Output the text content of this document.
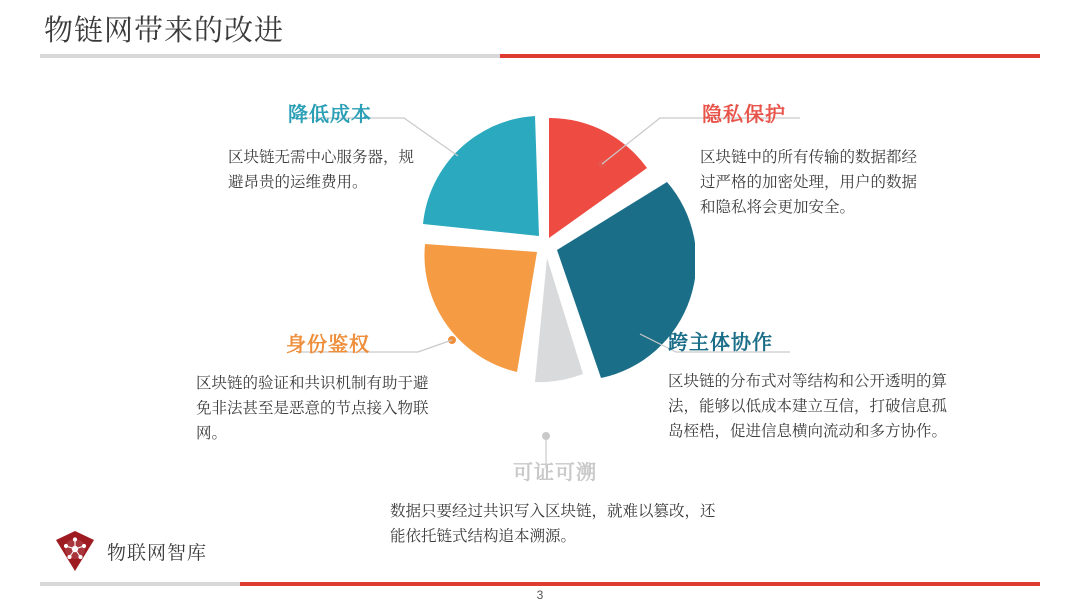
物链网带来的改进
隐私保护
区块链中的所有传输的数据都经过严格的加密处理，用户的数据和隐私将会更加安全。
降低成本
区块链无需中心服务器，规避昂贵的运维费用。
跨主体协作
区块链的分布式对等结构和公开透明的算法，能够以低成本建立互信，打破信息孤岛桎梏，促进信息横向流动和多方协作。
身份鉴权
区块链的验证和共识机制有助于避免非法甚至是恶意的节点接入物联网。
可证可溯
数据只要经过共识写入区块链，就难以篡改，还能依托链式结构追本溯源。
物联网智库
3
